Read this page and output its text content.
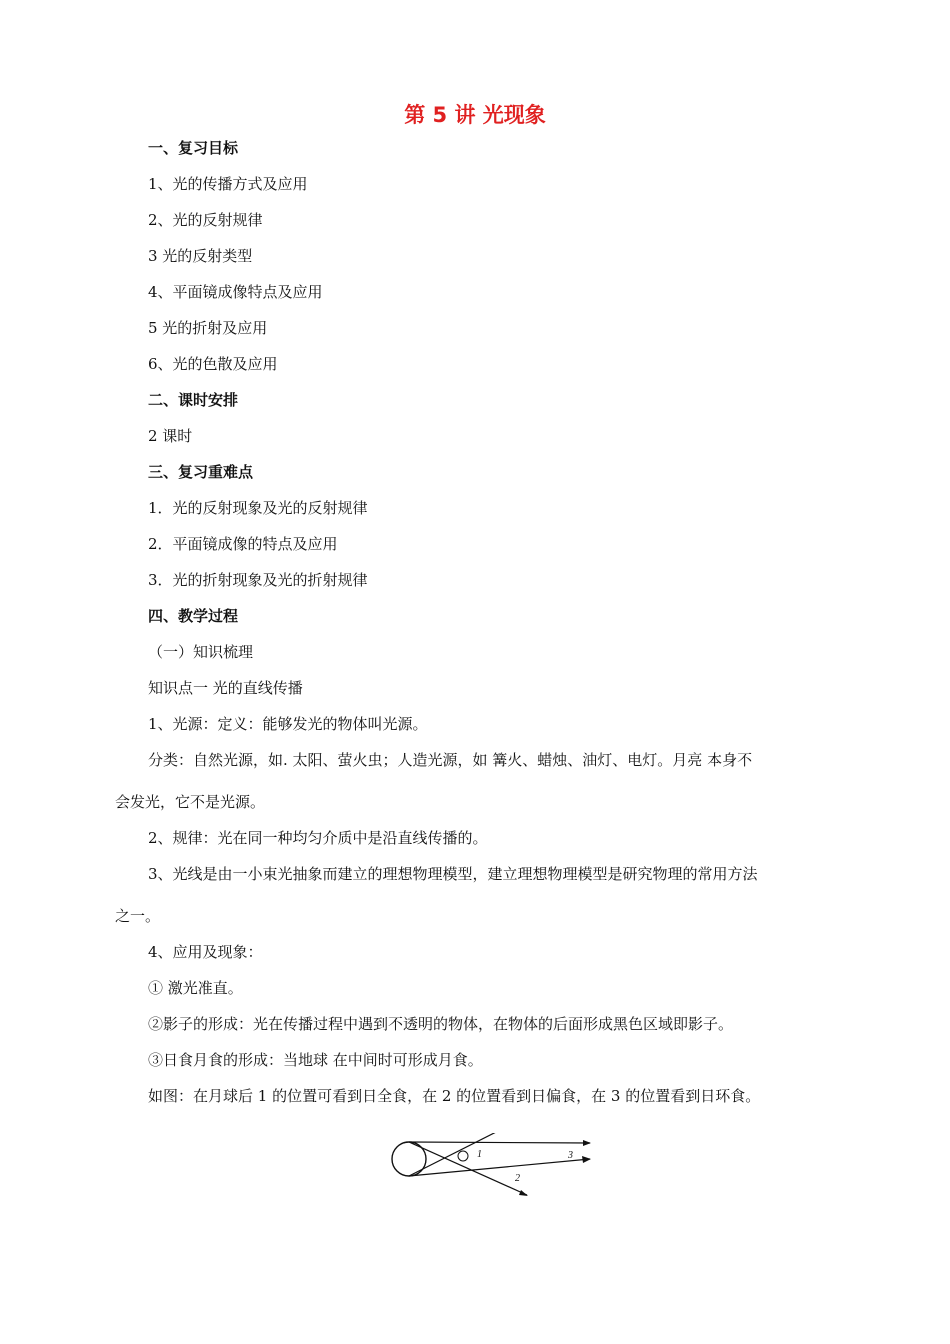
第 5 讲 光现象
一、复习目标
1、光的传播方式及应用
2、光的反射规律
3 光的反射类型
4、平面镜成像特点及应用
5 光的折射及应用
6、光的色散及应用
二、课时安排
2 课时
三、复习重难点
1．光的反射现象及光的反射规律
2．平面镜成像的特点及应用
3．光的折射现象及光的折射规律
四、教学过程
（一）知识梳理
知识点一 光的直线传播
1、光源：定义：能够发光的物体叫光源。
分类：自然光源，如. 太阳、萤火虫；人造光源，如 篝火、蜡烛、油灯、电灯。月亮 本身不
会发光，它不是光源。
2、规律：光在同一种均匀介质中是沿直线传播的。
3、光线是由一小束光抽象而建立的理想物理模型，建立理想物理模型是研究物理的常用方法
之一。
4、应用及现象：
① 激光准直。
②影子的形成：光在传播过程中遇到不透明的物体，在物体的后面形成黑色区域即影子。
③日食月食的形成：当地球 在中间时可形成月食。
如图：在月球后 1 的位置可看到日全食，在 2 的位置看到日偏食，在 3 的位置看到日环食。
1
2
3
